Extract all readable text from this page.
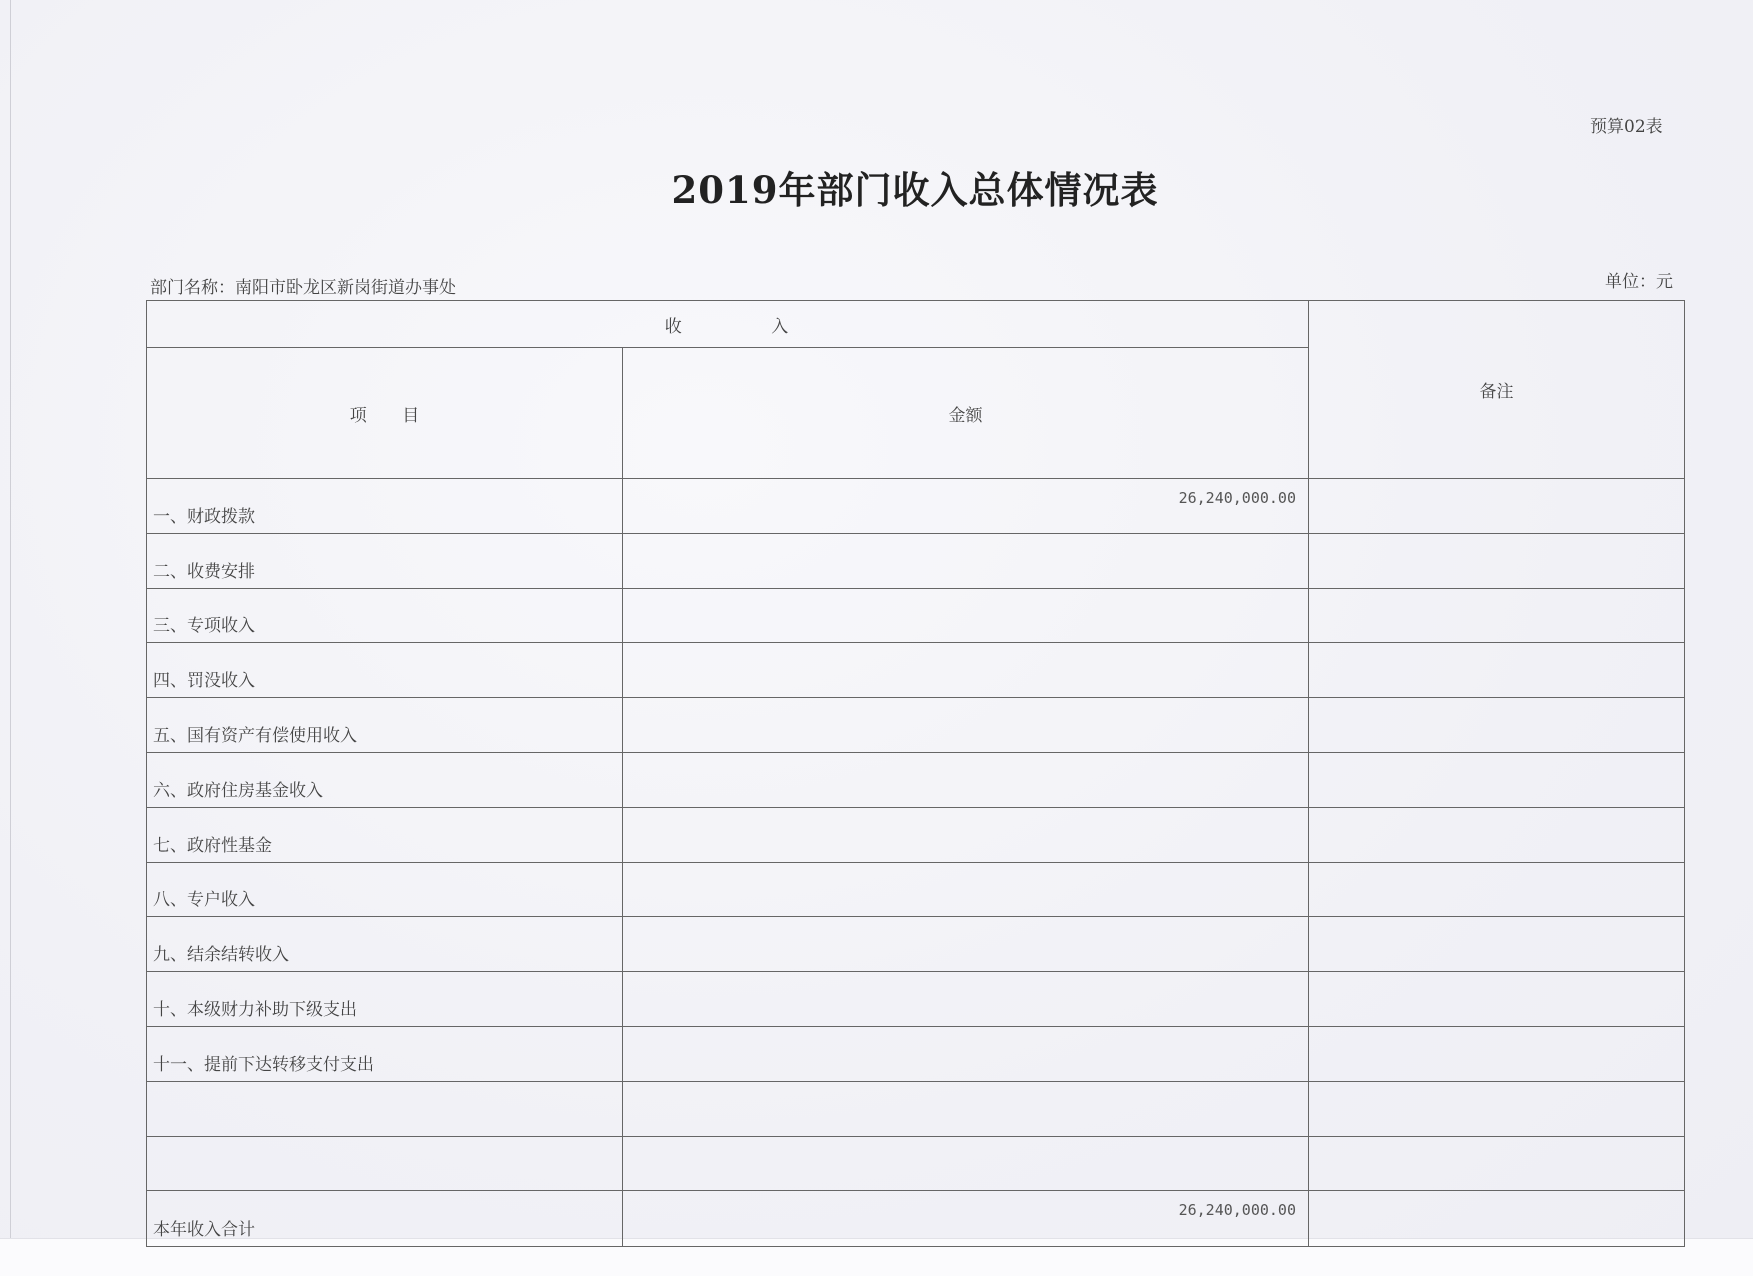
预算02表
2019年部门收入总体情况表
部门名称：南阳市卧龙区新岗街道办事处	单位：元
收 入		备注
项 目	金额	
一、财政拨款	26,240,000.00	
二、收费安排		
三、专项收入		
四、罚没收入		
五、国有资产有偿使用收入		
六、政府住房基金收入		
七、政府性基金		
八、专户收入		
九、结余结转收入		
十、本级财力补助下级支出		
十一、提前下达转移支付支出		

本年收入合计	26,240,000.00	
